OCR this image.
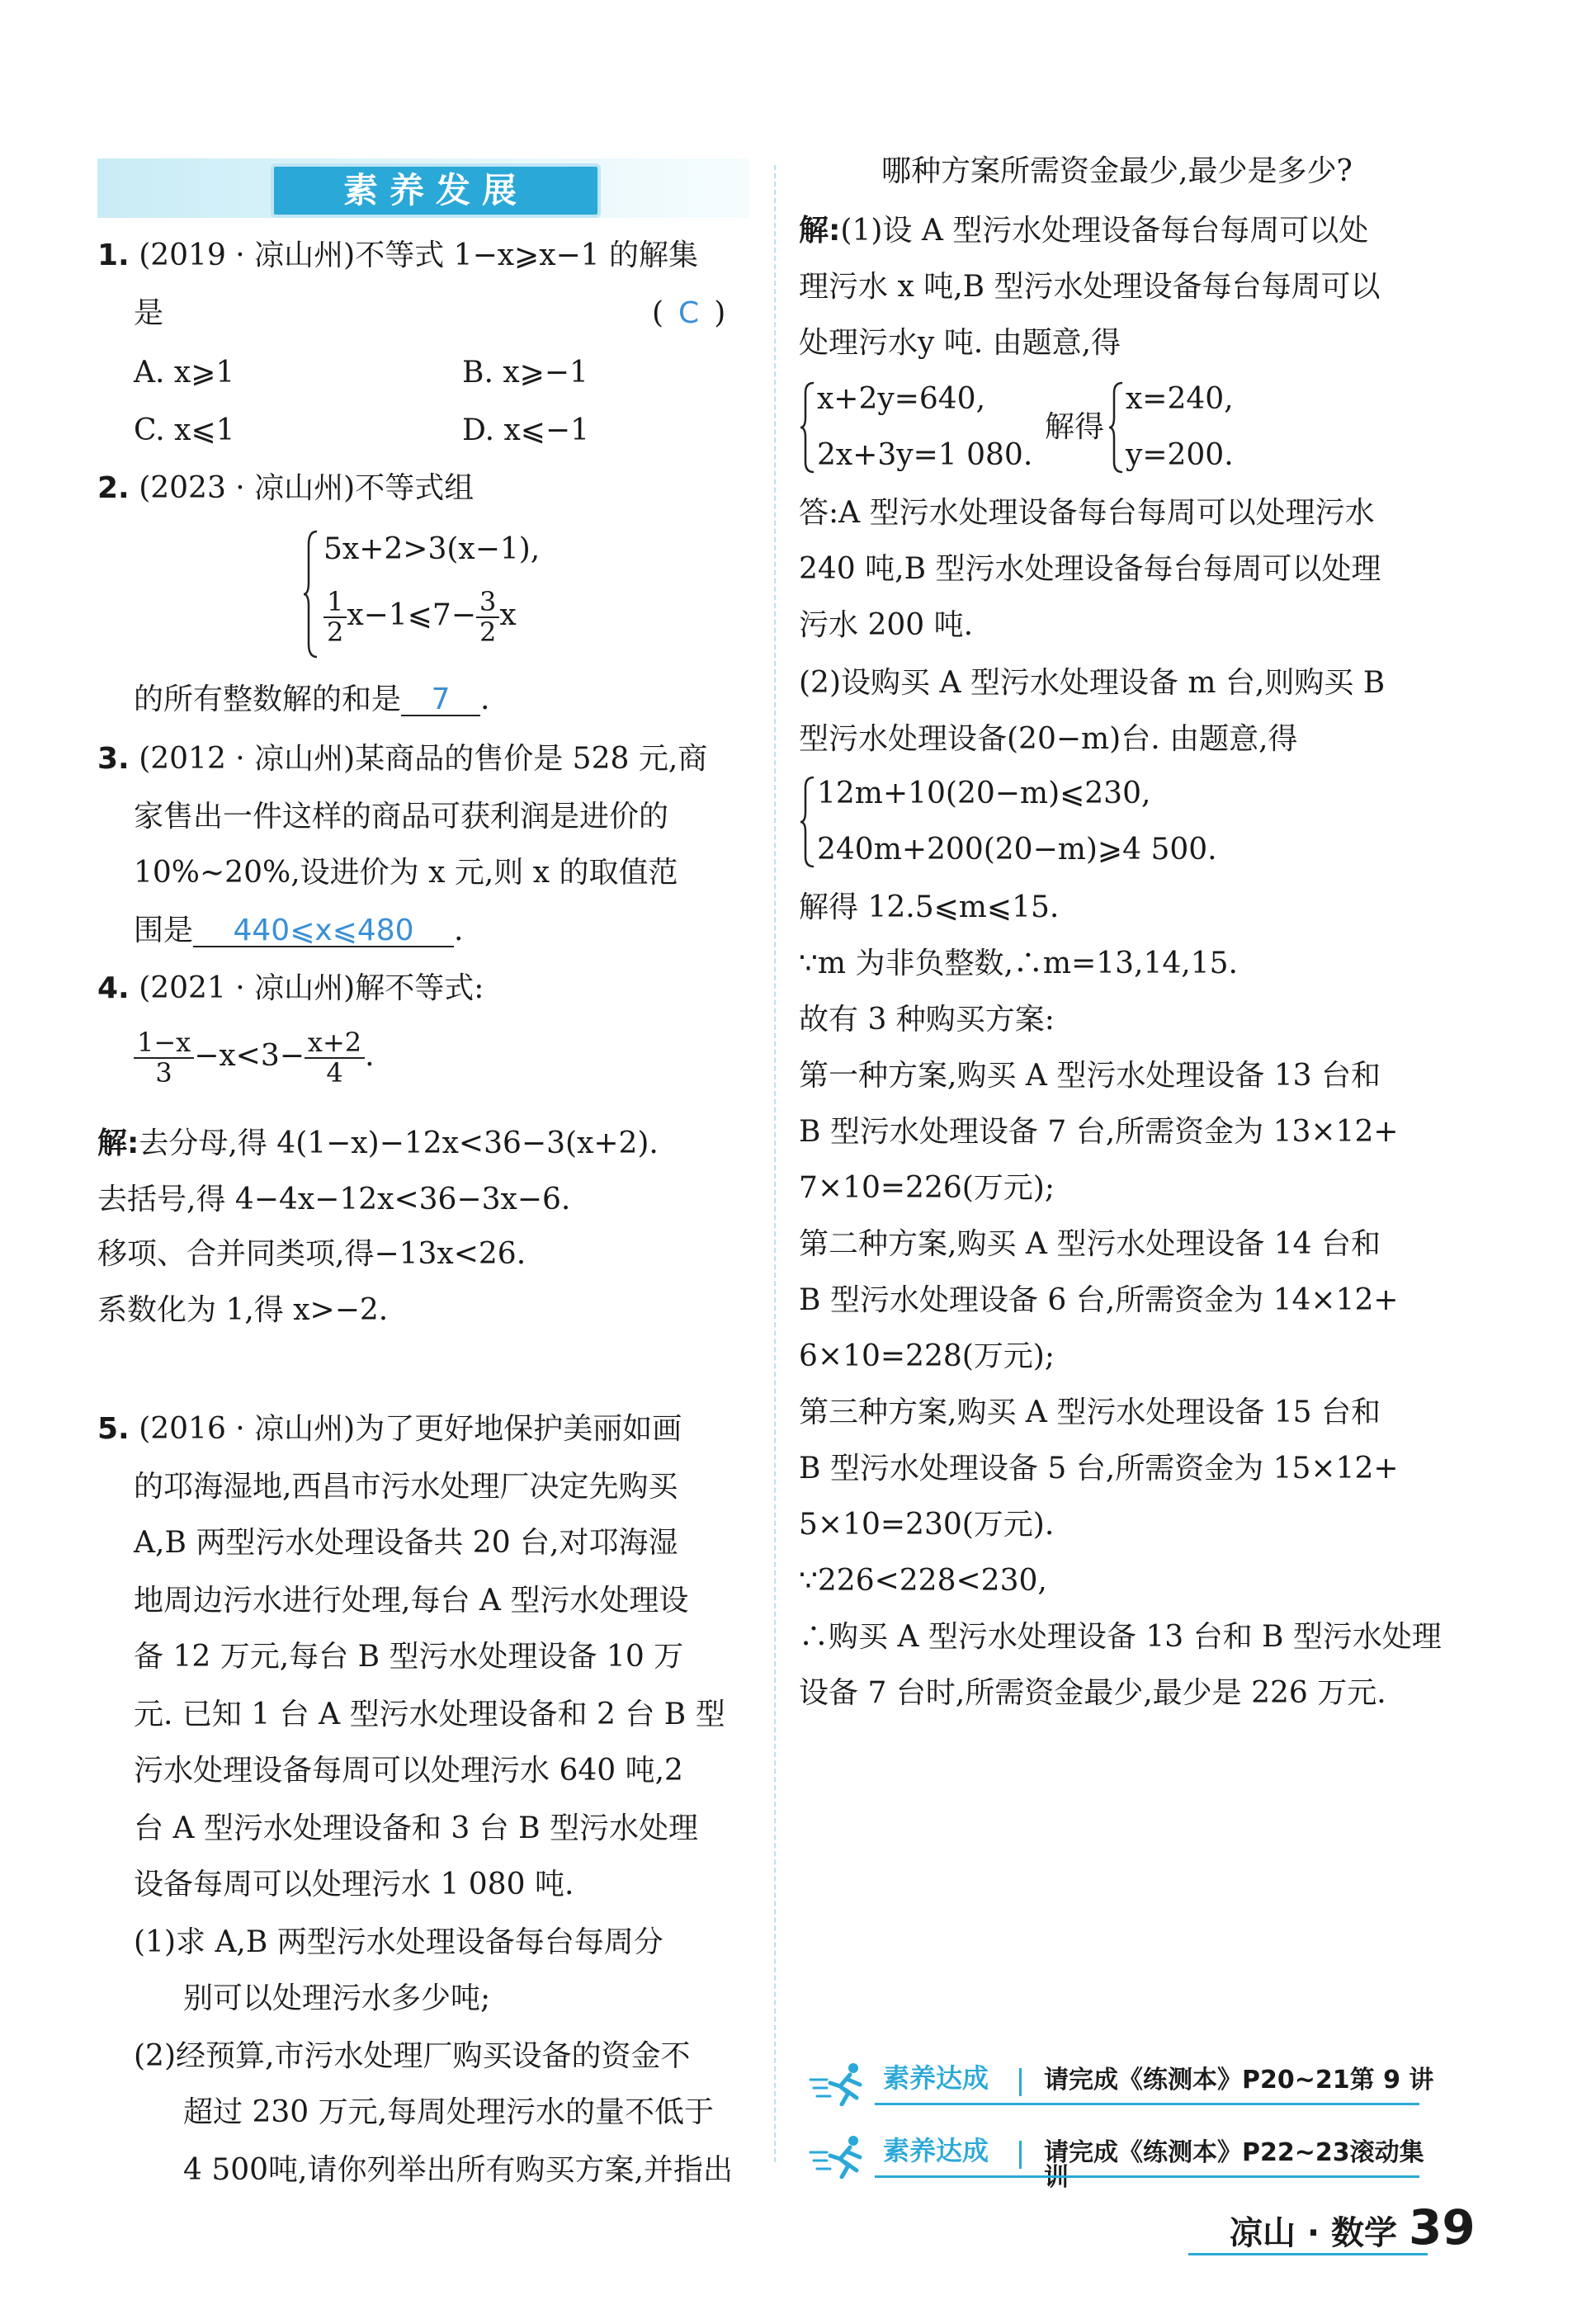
素养发展
1. (2019 · 凉山州)不等式 1−x⩾x−1 的解集
是	( C )
A. x⩾1	B. x⩾−1
C. x⩽1	D. x⩽−1
2. (2023 · 凉山州)不等式组
5x+2>3(x−1),
$\frac{1}{2}$ x−1⩽7− $\frac{3}{2}$ x
的所有整数解的和是 7 .
3. (2012 · 凉山州)某商品的售价是 528 元,商
家售出一件这样的商品可获利润是进价的
10%~20%,设进价为 x 元,则 x 的取值范
围是 440⩽x⩽480 .
4. (2021 · 凉山州)解不等式:
$\frac{1-x}{3} -x<3- \frac{x+2}{4}$ .
解:去分母,得 4(1−x)−12x<36−3(x+2).
去括号,得 4−4x−12x<36−3x−6.
移项、合并同类项,得−13x<26.
系数化为 1,得 x>−2.
5. (2016 · 凉山州)为了更好地保护美丽如画
的邛海湿地,西昌市污水处理厂决定先购买
A,B 两型污水处理设备共 20 台,对邛海湿
地周边污水进行处理,每台 A 型污水处理设
备 12 万元,每台 B 型污水处理设备 10 万
元. 已知 1 台 A 型污水处理设备和 2 台 B 型
污水处理设备每周可以处理污水 640 吨,2
台 A 型污水处理设备和 3 台 B 型污水处理
设备每周可以处理污水 1 080 吨.
(1)求 A,B 两型污水处理设备每台每周分
别可以处理污水多少吨;
(2)经预算,市污水处理厂购买设备的资金不
超过 230 万元,每周处理污水的量不低于
4 500吨,请你列举出所有购买方案,并指出
哪种方案所需资金最少,最少是多少?
解:(1)设 A 型污水处理设备每台每周可以处
理污水 x 吨,B 型污水处理设备每台每周可以
处理污水y 吨. 由题意,得
x+2y=640,
2x+3y=1 080.
解得
x=240,
y=200.
答:A 型污水处理设备每台每周可以处理污水
240 吨,B 型污水处理设备每台每周可以处理
污水 200 吨.
(2)设购买 A 型污水处理设备 m 台,则购买 B
型污水处理设备(20−m)台. 由题意,得
12m+10(20−m)⩽230,
240m+200(20−m)⩾4 500.
解得 12.5⩽m⩽15.
∵m 为非负整数,∴m=13,14,15.
故有 3 种购买方案:
第一种方案,购买 A 型污水处理设备 13 台和
B 型污水处理设备 7 台,所需资金为 13×12+
7×10=226(万元);
第二种方案,购买 A 型污水处理设备 14 台和
B 型污水处理设备 6 台,所需资金为 14×12+
6×10=228(万元);
第三种方案,购买 A 型污水处理设备 15 台和
B 型污水处理设备 5 台,所需资金为 15×12+
5×10=230(万元).
∵226<228<230,
∴购买 A 型污水处理设备 13 台和 B 型污水处理
设备 7 台时,所需资金最少,最少是 226 万元.
素养达成 请完成《练测本》P20~21第 9 讲
素养达成 请完成《练测本》P22~23滚动集训
凉山 · 数学 39
